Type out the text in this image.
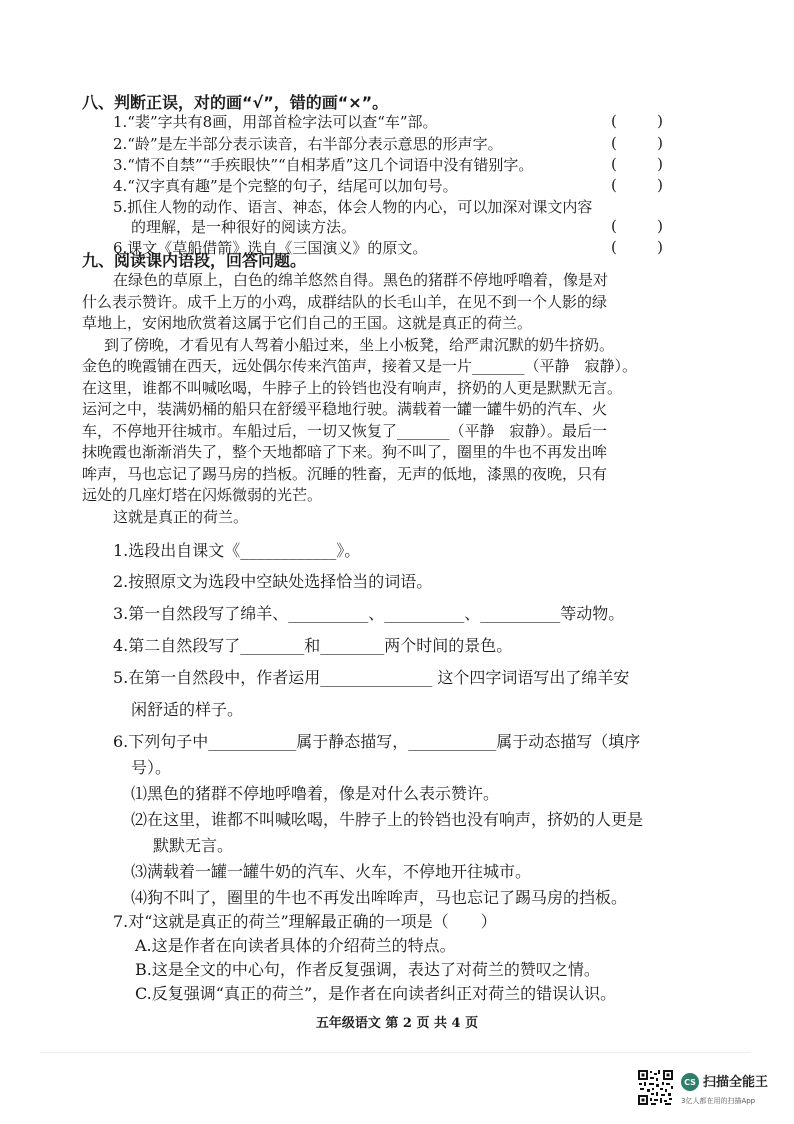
八、判断正误，对的画“√”，错的画“×”。
1.“裴”字共有8画，用部首检字法可以查“车”部。	(	)
2.“龄”是左半部分表示读音，右半部分表示意思的形声字。	(	)
3.“情不自禁”“手疾眼快”“自相茅盾”这几个词语中没有错别字。	(	)
4.“汉字真有趣”是个完整的句子，结尾可以加句号。	(	)
5.抓住人物的动作、语言、神态，体会人物的内心，可以加深对课文内容
的理解，是一种很好的阅读方法。	(	)
6.课文《草船借箭》选自《三国演义》的原文。	(	)
九、阅读课内语段，回答问题。
在绿色的草原上，白色的绵羊悠然自得。黑色的猪群不停地呼噜着，像是对
什么表示赞许。成千上万的小鸡，成群结队的长毛山羊，在见不到一个人影的绿
草地上，安闲地欣赏着这属于它们自己的王国。这就是真正的荷兰。
到了傍晚，才看见有人驾着小船过来，坐上小板凳，给严肃沉默的奶牛挤奶。
金色的晚霞铺在西天，远处偶尔传来汽笛声，接着又是一片_______（平静　寂静）。
在这里，谁都不叫喊吆喝，牛脖子上的铃铛也没有响声，挤奶的人更是默默无言。
运河之中，装满奶桶的船只在舒缓平稳地行驶。满载着一罐一罐牛奶的汽车、火
车，不停地开往城市。车船过后，一切又恢复了_______（平静　寂静）。最后一
抹晚霞也渐渐消失了，整个天地都暗了下来。狗不叫了，圈里的牛也不再发出哞
哞声，马也忘记了踢马房的挡板。沉睡的牲畜，无声的低地，漆黑的夜晚，只有
远处的几座灯塔在闪烁微弱的光芒。
这就是真正的荷兰。
1.选段出自课文《____________》。
2.按照原文为选段中空缺处选择恰当的词语。
3.第一自然段写了绵羊、__________、__________、__________等动物。
4.第二自然段写了________和________两个时间的景色。
5.在第一自然段中，作者运用______________ 这个四字词语写出了绵羊安
闲舒适的样子。
6.下列句子中___________属于静态描写，___________属于动态描写（填序
号）。
⑴黑色的猪群不停地呼噜着，像是对什么表示赞许。
⑵在这里，谁都不叫喊吆喝，牛脖子上的铃铛也没有响声，挤奶的人更是
默默无言。
⑶满载着一罐一罐牛奶的汽车、火车，不停地开往城市。
⑷狗不叫了，圈里的牛也不再发出哞哞声，马也忘记了踢马房的挡板。
7.对“这就是真正的荷兰”理解最正确的一项是（　　）
A.这是作者在向读者具体的介绍荷兰的特点。
B.这是全文的中心句，作者反复强调，表达了对荷兰的赞叹之情。
C.反复强调“真正的荷兰”，是作者在向读者纠正对荷兰的错误认识。
五年级语文 第 2 页 共 4 页
CS 扫描全能王
3亿人都在用的扫描App
